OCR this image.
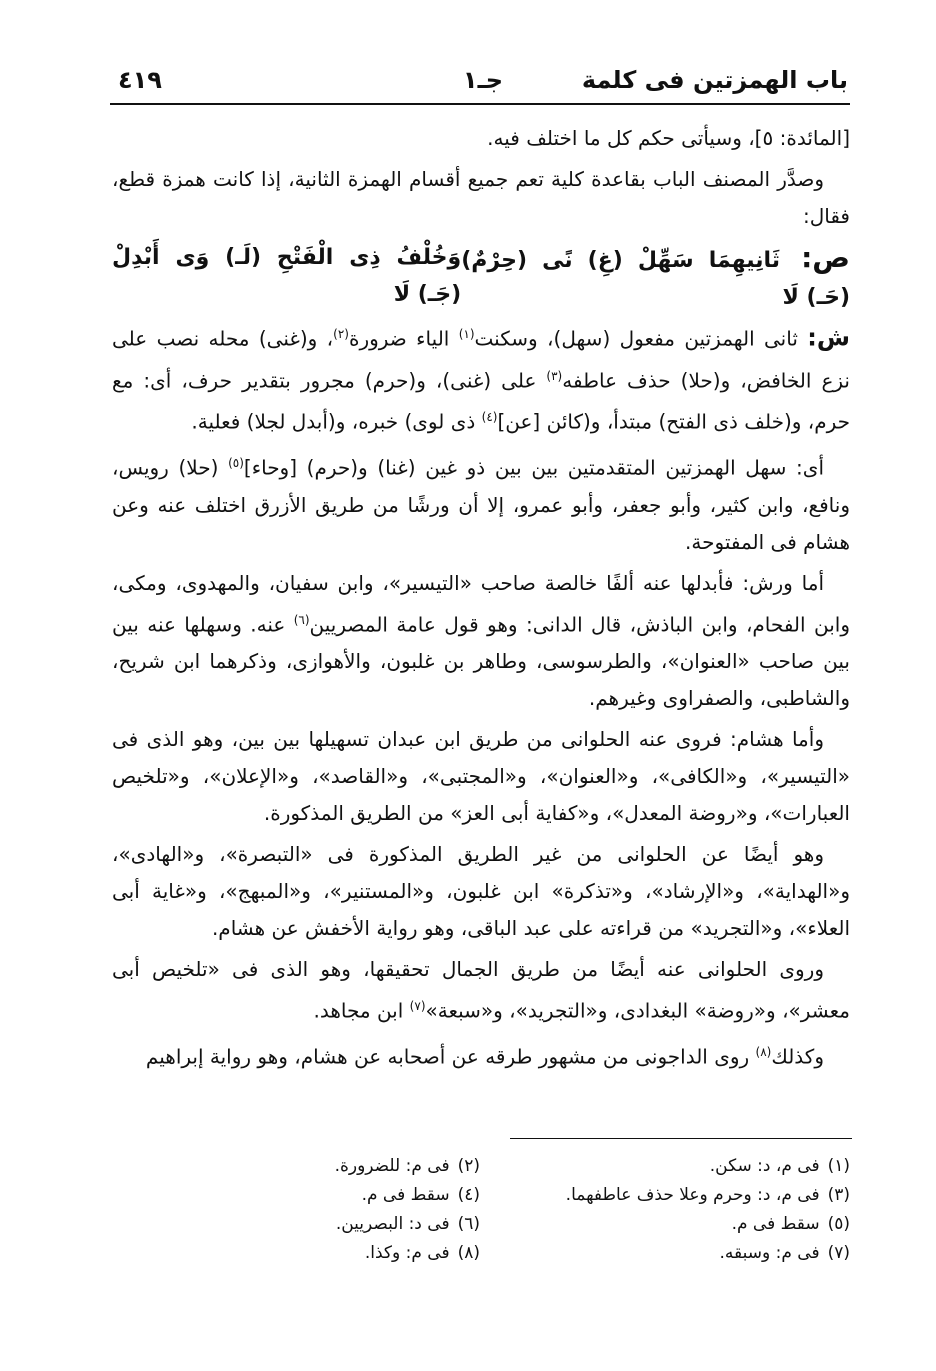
باب الهمزتين فى كلمة
جـ١
٤١٩

[المائدة: ٥]، وسيأتى حكم كل ما اختلف فيه.

وصدَّر المصنف الباب بقاعدة كلية تعم جميع أقسام الهمزة الثانية، إذا كانت همزة قطع، فقال:

ص: ثَانِيهِمَا سَهِّلْ (غِ) نًى (حِرْمٌ) (حَـ) لَا
وَخُلْفُ ذِى الْفَتْحِ (لَـ) وَى أَبْدِلْ (جَـ) لَا

ش: ثانى الهمزتين مفعول (سهل)، وسكنت$^{(١)}$ الياء ضرورة$^{(٢)}$، و(غنى) محله نصب على نزع الخافض، و(حلا) حذف عاطفه$^{(٣)}$ على (غنى)، و(حرم) مجرور بتقدير حرف، أى: مع حرم، و(خلف ذى الفتح) مبتدأ، و(كائن [عن]$^{(٤)}$ ذى لوى) خبره، و(أبدل لجلا) فعلية.

أى: سهل الهمزتين المتقدمتين بين بين ذو غين (غنا) و(حرم) [وحاء]$^{(٥)}$ (حلا) رويس، ونافع، وابن كثير، وأبو جعفر، وأبو عمرو، إلا أن ورشًا من طريق الأزرق اختلف عنه وعن هشام فى المفتوحة.

أما ورش: فأبدلها عنه ألفًا خالصة صاحب «التيسير»، وابن سفيان، والمهدوى، ومكى، وابن الفحام، وابن الباذش، قال الدانى: وهو قول عامة المصريين$^{(٦)}$ عنه. وسهلها عنه بين بين صاحب «العنوان»، والطرسوسى، وطاهر بن غلبون، والأهوازى، وذكرهما ابن شريح، والشاطبى، والصفراوى وغيرهم.

وأما هشام: فروى عنه الحلوانى من طريق ابن عبدان تسهيلها بين بين، وهو الذى فى «التيسير»، و«الكافى»، و«العنوان»، و«المجتبى»، و«القاصد»، و«الإعلان»، و«تلخيص العبارات»، و«روضة المعدل»، و«كفاية أبى العز» من الطريق المذكورة.

وهو أيضًا عن الحلوانى من غير الطريق المذكورة فى «التبصرة»، و«الهادى»، و«الهداية»، و«الإرشاد»، و«تذكرة» ابن غلبون، و«المستنير»، و«المبهج»، و«غاية أبى العلاء»، و«التجريد» من قراءته على عبد الباقى، وهو رواية الأخفش عن هشام.

وروى الحلوانى عنه أيضًا من طريق الجمال تحقيقها، وهو الذى فى «تلخيص أبى معشر»، و«روضة» البغدادى، و«التجريد»، و«سبعة»$^{(٧)}$ ابن مجاهد.

وكذلك$^{(٨)}$ روى الداجونى من مشهور طرقه عن أصحابه عن هشام، وهو رواية إبراهيم

(١)فى م، د: سكن.
(٢)فى م: للضرورة.
(٣)فى م، د: وحرم وعلا حذف عاطفهما.
(٤)سقط فى م.
(٥)سقط فى م.
(٦)فى د: البصريين.
(٧)فى م: وسبقه.
(٨)فى م: وكذا.
